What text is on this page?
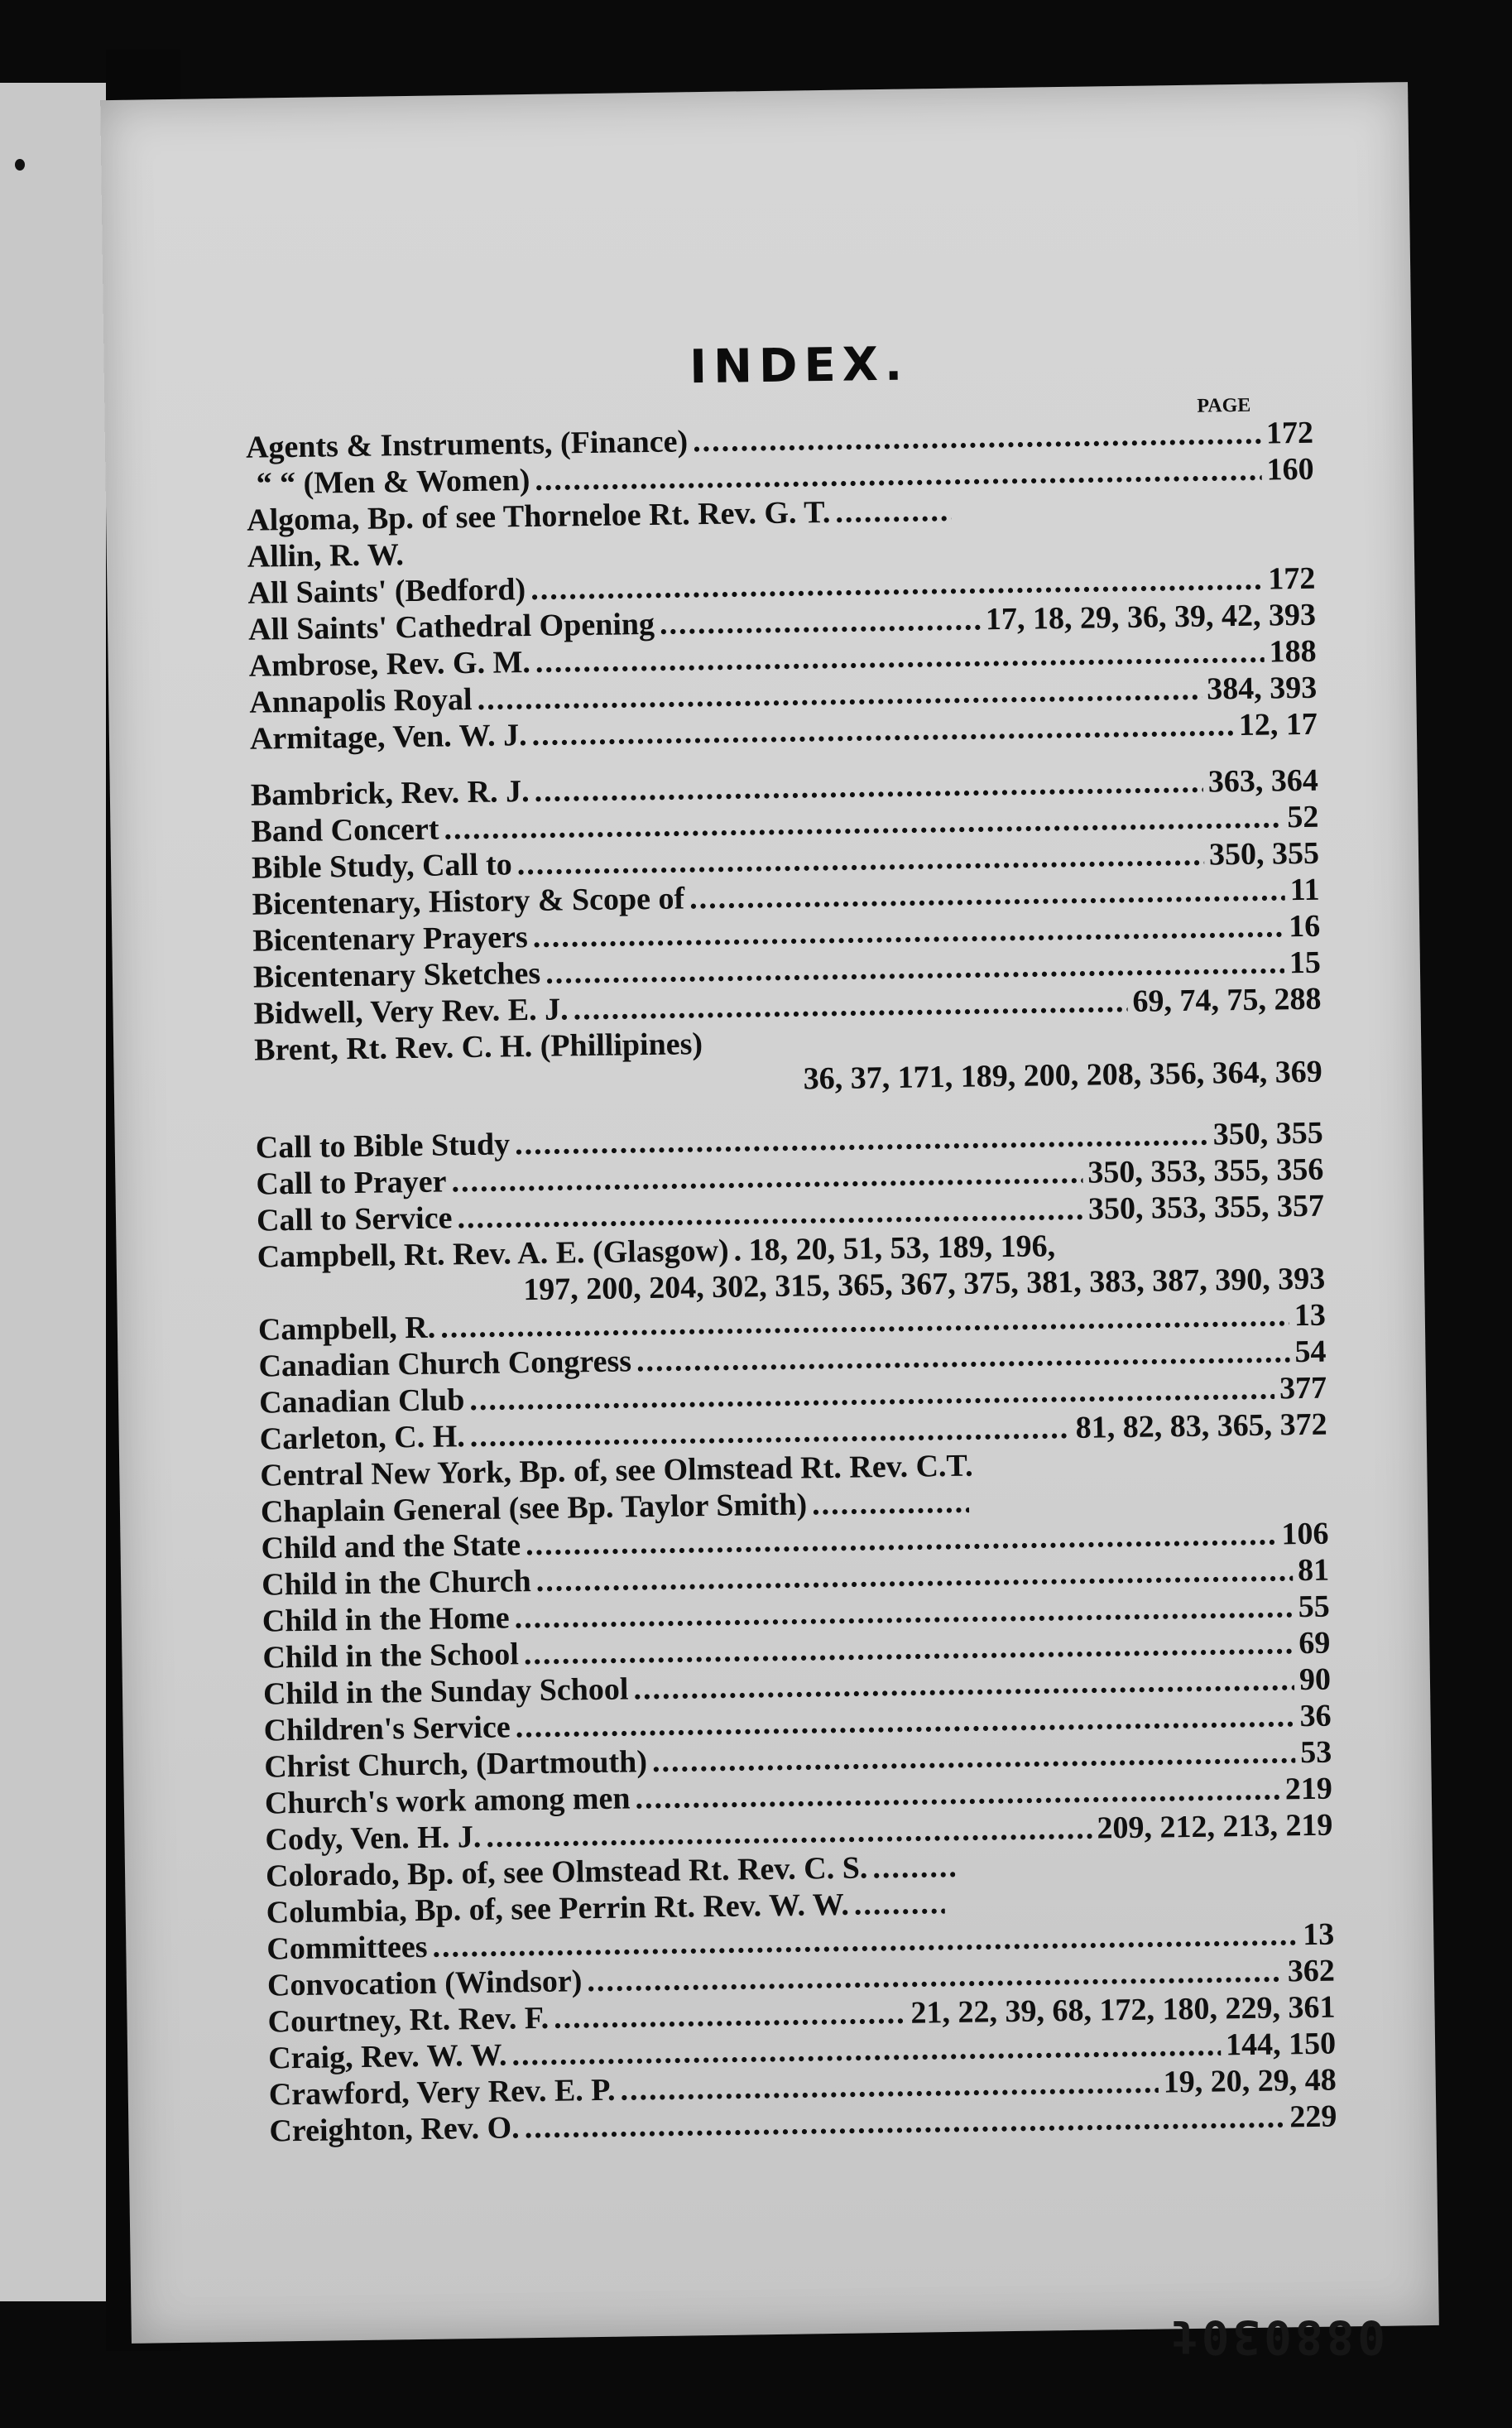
INDEX.
PAGE
Agents & Instruments, (Finance) .....	172
“ “ (Men & Women) .....	160
Algoma, Bp. of see Thorneloe Rt. Rev. G. T.
.....
Allin, R. W.
All Saints' (Bedford) .....	172
All Saints' Cathedral Opening .....	17, 18, 29, 36, 39, 42, 393
Ambrose, Rev. G. M. .....	188
Annapolis Royal .....	384, 393
Armitage, Ven. W. J. .....	12, 17
Bambrick, Rev. R. J. .....	363, 364
Band Concert .....	52
Bible Study, Call to .....	350, 355
Bicentenary, History & Scope of .....	11
Bicentenary Prayers .....	16
Bicentenary Sketches .....	15
Bidwell, Very Rev. E. J. .....	69, 74, 75, 288
Brent, Rt. Rev. C. H. (Phillipines)
36, 37, 171, 189, 200, 208, 356, 364, 369
Call to Bible Study .....	350, 355
Call to Prayer .....	350, 353, 355, 356
Call to Service .....	350, 353, 355, 357
Campbell, Rt. Rev. A. E. (Glasgow) ..... 18, 20, 51, 53, 189, 196,
197, 200, 204, 302, 315, 365, 367, 375, 381, 383, 387, 390, 393
Campbell, R. .....	13
Canadian Church Congress .....	54
Canadian Club .....	377
Carleton, C. H. .....	81, 82, 83, 365, 372
Central New York, Bp. of, see Olmstead Rt. Rev. C.T.
Chaplain General (see Bp. Taylor Smith)
.....
Child and the State .....	106
Child in the Church .....	81
Child in the Home .....	55
Child in the School .....	69
Child in the Sunday School .....	90
Children's Service .....	36
Christ Church, (Dartmouth) .....	53
Church's work among men .....	219
Cody, Ven. H. J. .....	209, 212, 213, 219
Colorado, Bp. of, see Olmstead Rt. Rev. C. S.
.....
Columbia, Bp. of, see Perrin Rt. Rev. W. W.
.....
Committees .....	13
Convocation (Windsor) .....	362
Courtney, Rt. Rev. F. .....	21, 22, 39, 68, 172, 180, 229, 361
Craig, Rev. W. W. .....	144, 150
Crawford, Very Rev. E. P. .....	19, 20, 29, 48
Creighton, Rev. O. .....	229
088030t
